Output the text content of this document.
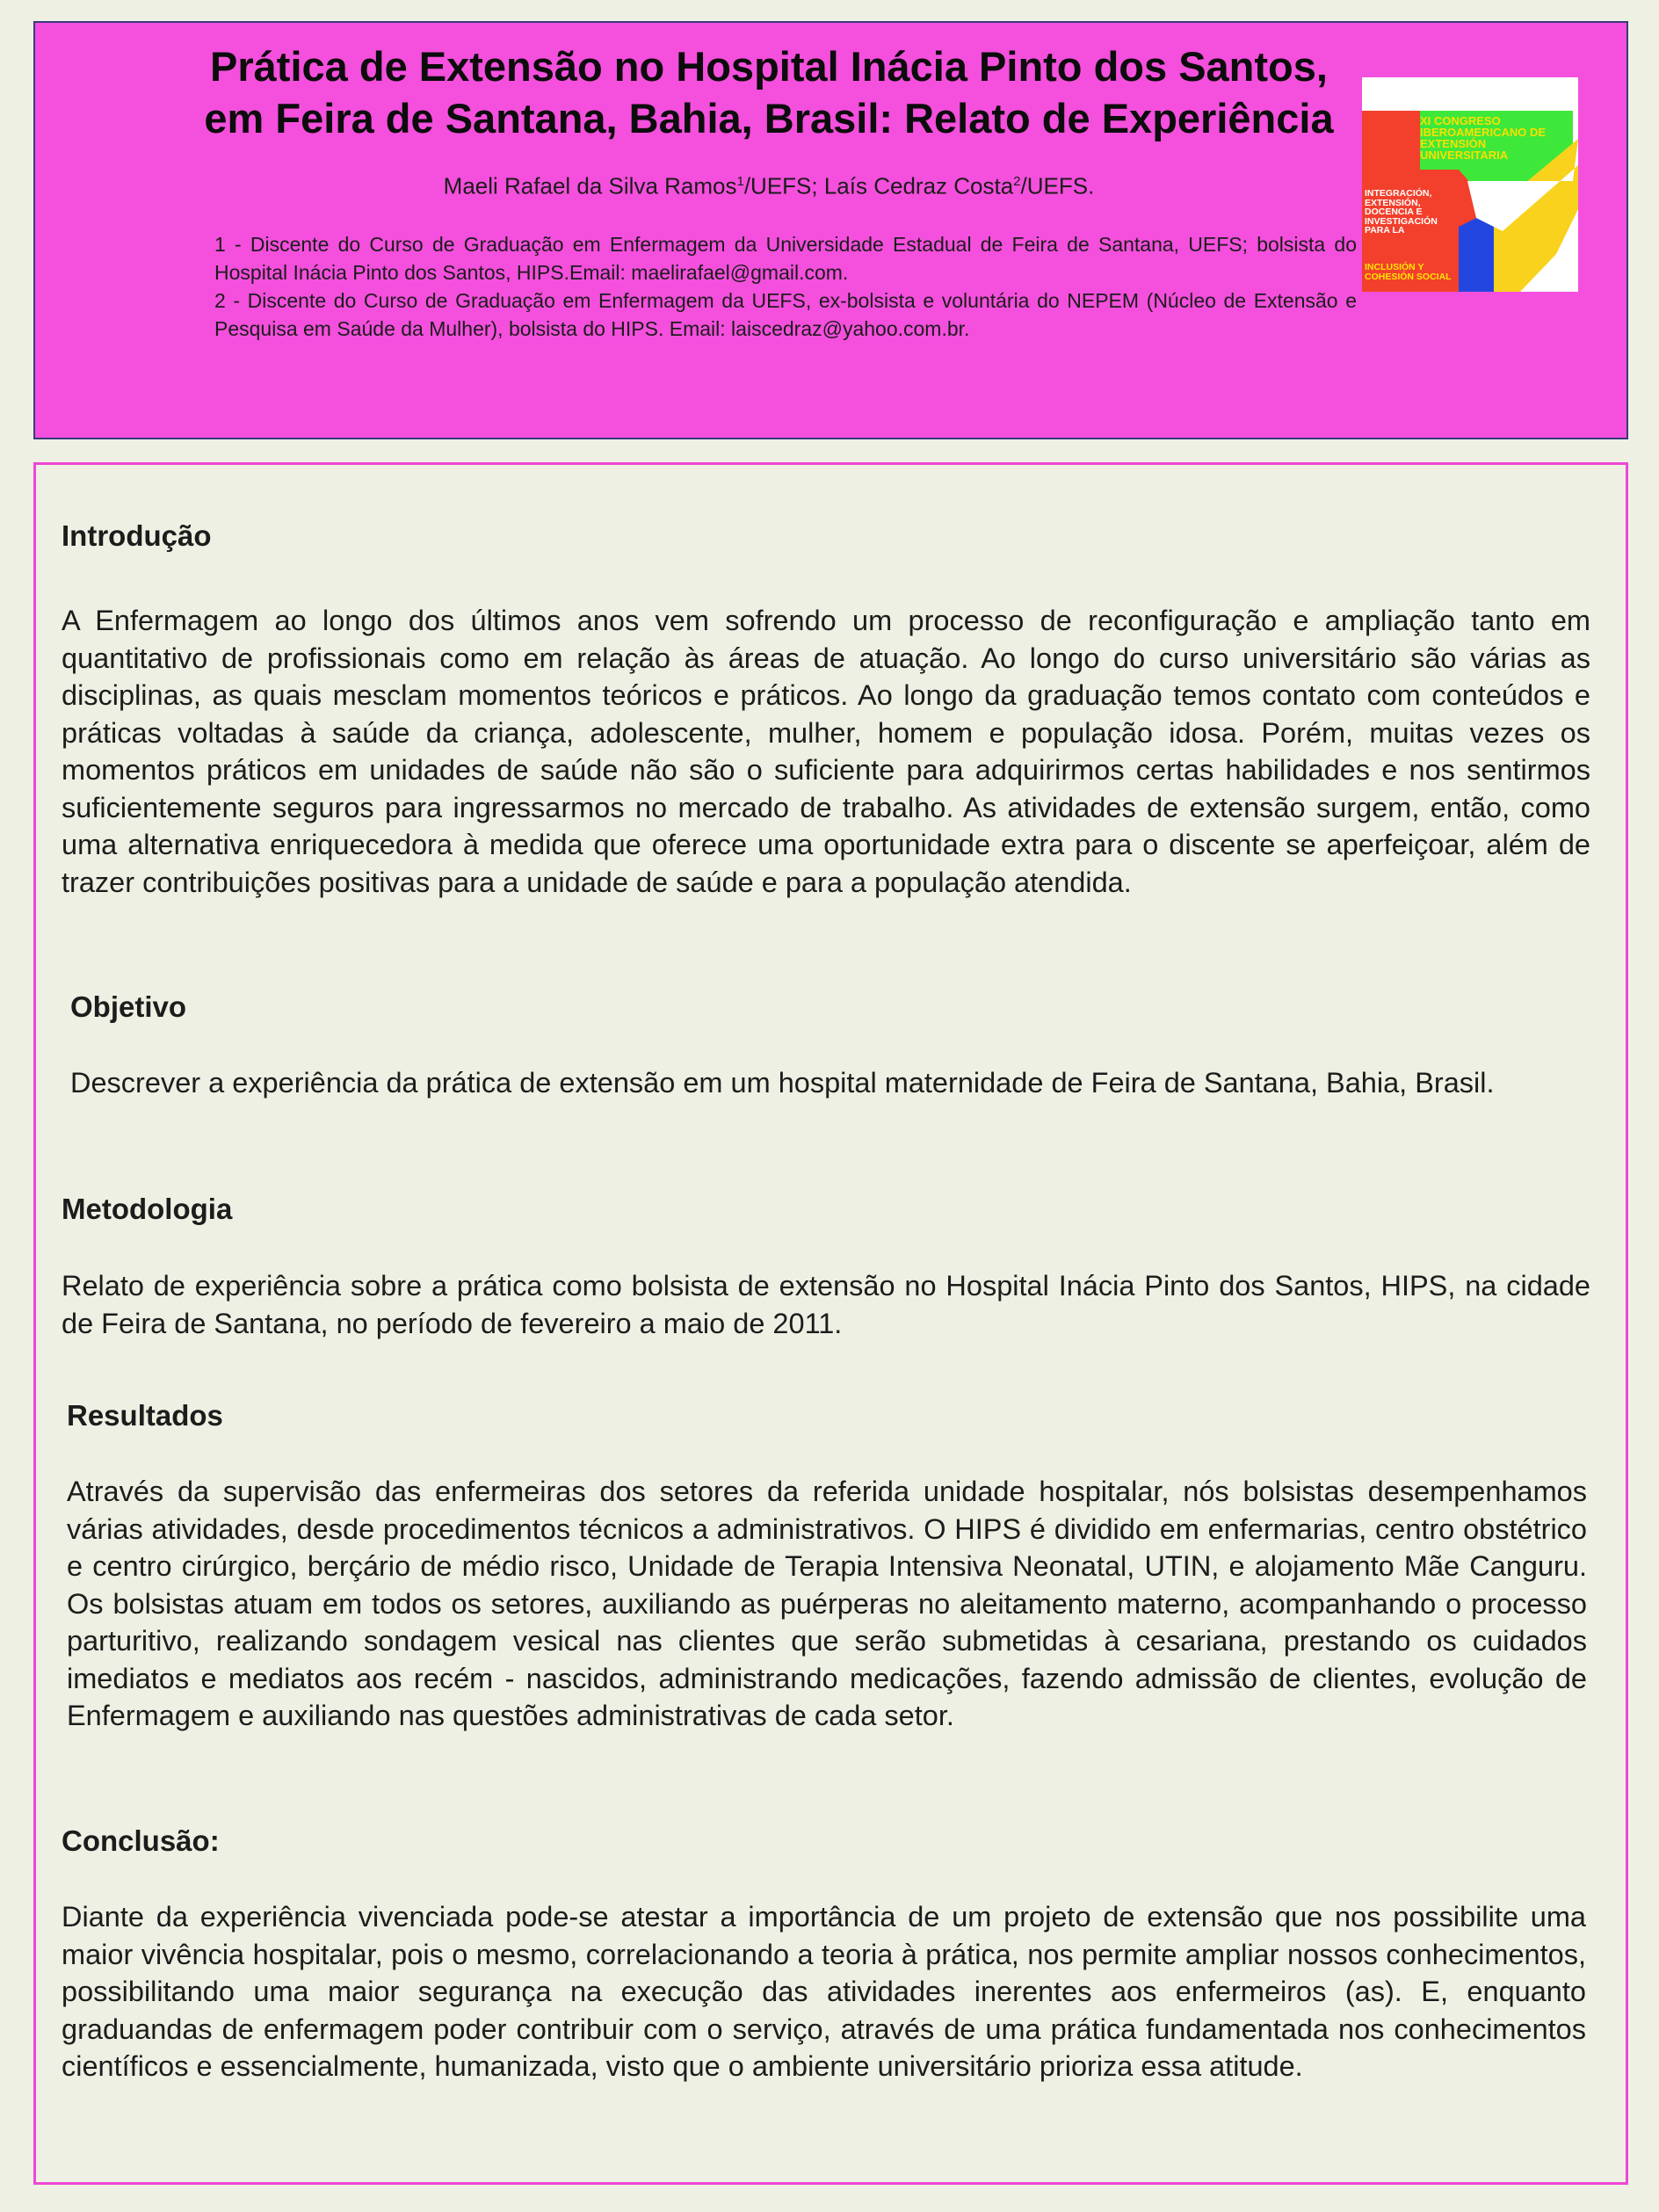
Prática de Extensão no Hospital Inácia Pinto dos Santos,
em Feira de Santana, Bahia, Brasil: Relato de Experiência
Maeli Rafael da Silva Ramos$^1$/UEFS; Laís Cedraz Costa$^2$/UEFS.

1 - Discente do Curso de Graduação em Enfermagem da Universidade Estadual de Feira de Santana, UEFS; bolsista do Hospital Inácia Pinto dos Santos, HIPS.Email: maelirafael@gmail.com.

2 - Discente do Curso de Graduação em Enfermagem da UEFS, ex-bolsista e voluntária do NEPEM (Núcleo de Extensão e Pesquisa em Saúde da Mulher), bolsista do HIPS. Email: laiscedraz@yahoo.com.br.

XI CONGRESO IBEROAMERICANO DE EXTENSIÓN UNIVERSITARIA
INTEGRACIÓN, EXTENSIÓN, DOCENCIA E INVESTIGACIÓN PARA LA
INCLUSIÓN Y COHESIÓN SOCIAL
Introdução

A Enfermagem ao longo dos últimos anos vem sofrendo um processo de reconfiguração e ampliação tanto em quantitativo de profissionais como em relação às áreas de atuação. Ao longo do curso universitário são várias as disciplinas, as quais mesclam momentos teóricos e práticos. Ao longo da graduação temos contato com conteúdos e práticas voltadas à saúde da criança, adolescente, mulher, homem e população idosa. Porém, muitas vezes os momentos práticos em unidades de saúde não são o suficiente para adquirirmos certas habilidades e nos sentirmos suficientemente seguros para ingressarmos no mercado de trabalho. As atividades de extensão surgem, então, como uma alternativa enriquecedora à medida que oferece uma oportunidade extra para o discente se aperfeiçoar, além de trazer contribuições positivas para a unidade de saúde e para a população atendida.

Objetivo

Descrever a experiência da prática de extensão em um hospital maternidade de Feira de Santana, Bahia, Brasil.

Metodologia

Relato de experiência sobre a prática como bolsista de extensão no Hospital Inácia Pinto dos Santos, HIPS, na cidade de Feira de Santana, no período de fevereiro a maio de 2011.

Resultados

Através da supervisão das enfermeiras dos setores da referida unidade hospitalar, nós bolsistas desempenhamos várias atividades, desde procedimentos técnicos a administrativos. O HIPS é dividido em enfermarias, centro obstétrico e centro cirúrgico, berçário de médio risco, Unidade de Terapia Intensiva Neonatal, UTIN, e alojamento Mãe Canguru. Os bolsistas atuam em todos os setores, auxiliando as puérperas no aleitamento materno, acompanhando o processo parturitivo, realizando sondagem vesical nas clientes que serão submetidas à cesariana, prestando os cuidados imediatos e mediatos aos recém - nascidos, administrando medicações, fazendo admissão de clientes, evolução de Enfermagem e auxiliando nas questões administrativas de cada setor.

Conclusão:

Diante da experiência vivenciada pode-se atestar a importância de um projeto de extensão que nos possibilite uma maior vivência hospitalar, pois o mesmo, correlacionando a teoria à prática, nos permite ampliar nossos conhecimentos, possibilitando uma maior segurança na execução das atividades inerentes aos enfermeiros (as). E, enquanto graduandas de enfermagem poder contribuir com o serviço, através de uma prática fundamentada nos conhecimentos científicos e essencialmente, humanizada, visto que o ambiente universitário prioriza essa atitude.
